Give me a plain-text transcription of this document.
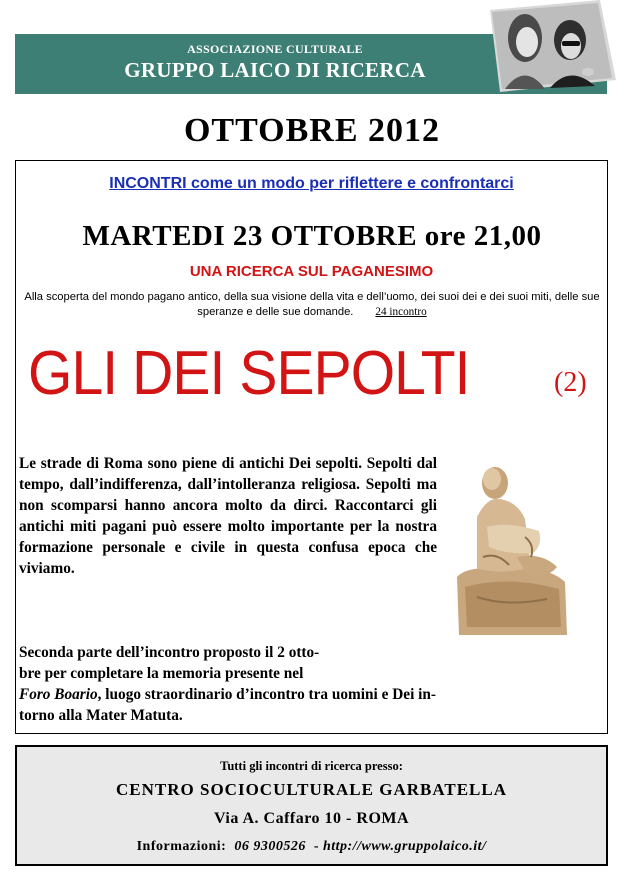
ASSOCIAZIONE CULTURALE
GRUPPO LAICO DI RICERCA
OTTOBRE 2012
INCONTRI come un modo per riflettere e confrontarci
MARTEDI 23 OTTOBRE ore 21,00
UNA RICERCA SUL PAGANESIMO
Alla scoperta del mondo pagano antico, della sua visione della vita e dell’uomo, dei suoi dei e dei suoi miti, delle sue speranze e delle sue domande. 24 incontro
GLI DEI SEPOLTI	(2)
Le strade di Roma sono piene di antichi Dei sepolti. Sepolti dal tempo, dall’indifferenza, dall’intolleranza religiosa. Sepolti ma non scomparsi hanno ancora molto da dirci. Raccontarci gli antichi miti pagani può essere molto importante per la nostra formazione personale e civile in questa confusa epoca che viviamo.
Seconda parte dell’incontro proposto il 2 otto-
bre per completare la memoria presente nel
Foro Boario, luogo straordinario d’incontro tra uomini e Dei in-
torno alla Mater Matuta.
Tutti gli incontri di ricerca presso:
CENTRO SOCIOCULTURALE GARBATELLA
Via A. Caffaro 10 - ROMA
Informazioni: 06 9300526 - http://www.gruppolaico.it/
